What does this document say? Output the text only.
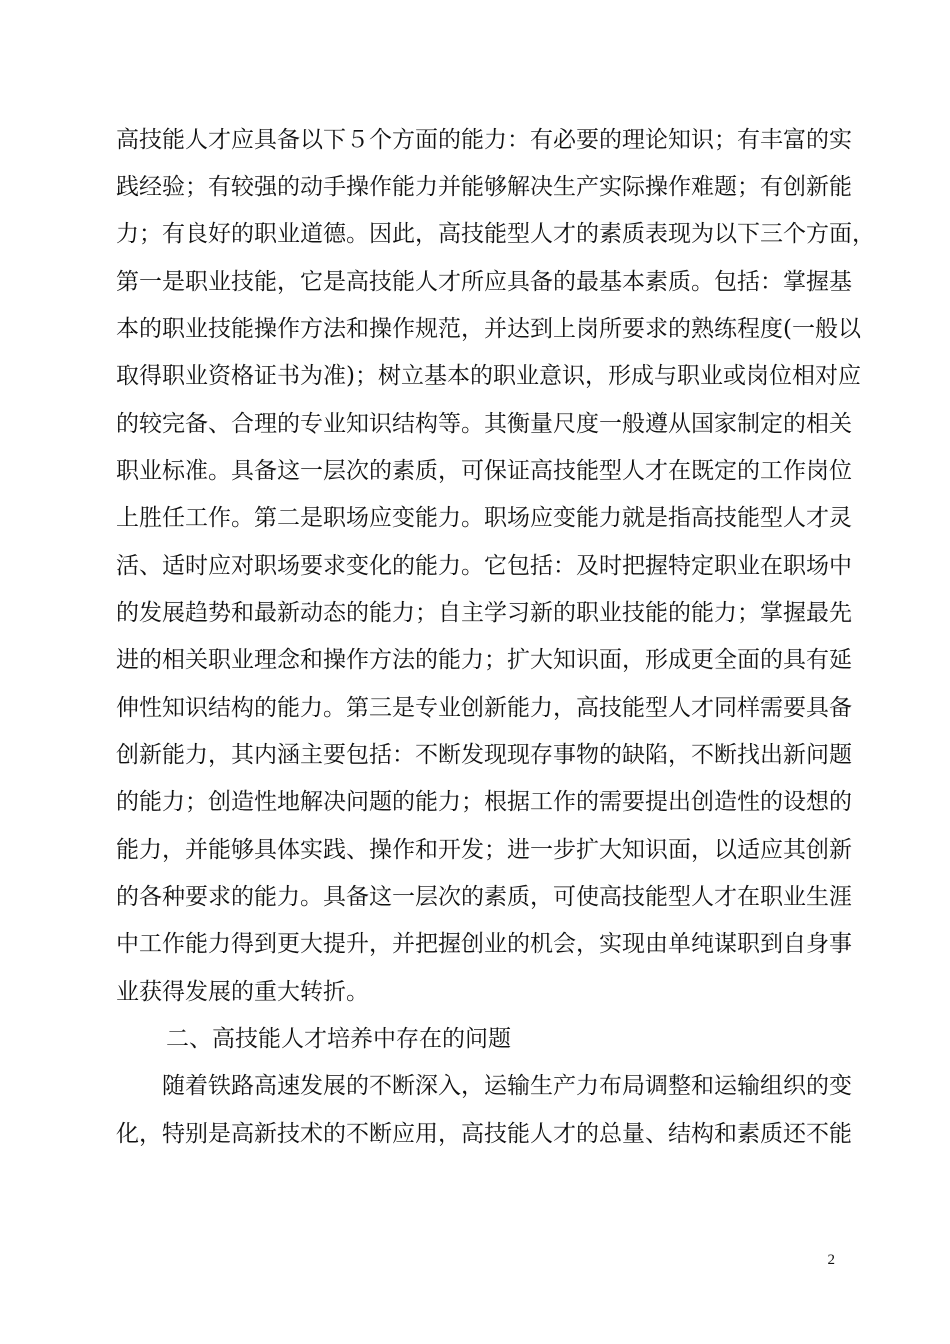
高技能人才应具备以下５个方面的能力：有必要的理论知识；有丰富的实
践经验；有较强的动手操作能力并能够解决生产实际操作难题；有创新能
力；有良好的职业道德。因此，高技能型人才的素质表现为以下三个方面，
第一是职业技能，它是高技能人才所应具备的最基本素质。包括：掌握基
本的职业技能操作方法和操作规范，并达到上岗所要求的熟练程度(一般以
取得职业资格证书为准)；树立基本的职业意识，形成与职业或岗位相对应
的较完备、合理的专业知识结构等。其衡量尺度一般遵从国家制定的相关
职业标准。具备这一层次的素质，可保证高技能型人才在既定的工作岗位
上胜任工作。第二是职场应变能力。职场应变能力就是指高技能型人才灵
活、适时应对职场要求变化的能力。它包括：及时把握特定职业在职场中
的发展趋势和最新动态的能力；自主学习新的职业技能的能力；掌握最先
进的相关职业理念和操作方法的能力；扩大知识面，形成更全面的具有延
伸性知识结构的能力。第三是专业创新能力，高技能型人才同样需要具备
创新能力，其内涵主要包括：不断发现现存事物的缺陷，不断找出新问题
的能力；创造性地解决问题的能力；根据工作的需要提出创造性的设想的
能力，并能够具体实践、操作和开发；进一步扩大知识面，以适应其创新
的各种要求的能力。具备这一层次的素质，可使高技能型人才在职业生涯
中工作能力得到更大提升，并把握创业的机会，实现由单纯谋职到自身事
业获得发展的重大转折。
二、高技能人才培养中存在的问题
随着铁路高速发展的不断深入，运输生产力布局调整和运输组织的变
化，特别是高新技术的不断应用，高技能人才的总量、结构和素质还不能
2
